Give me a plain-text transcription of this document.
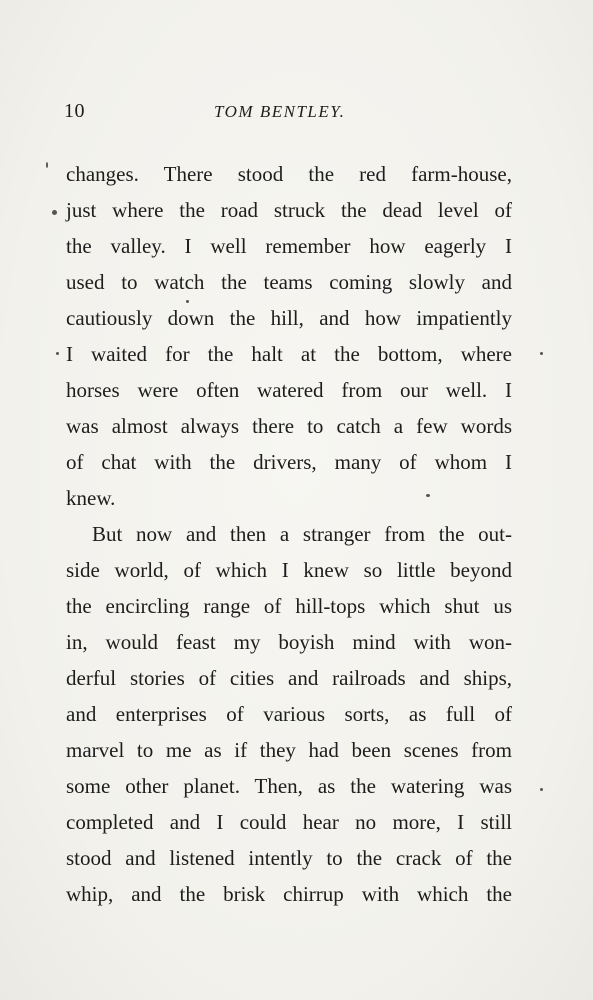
10	TOM BENTLEY.
changes. There stood the red farm-house,
just where the road struck the dead level of
the valley. I well remember how eagerly I
used to watch the teams coming slowly and
cautiously down the hill, and how impatiently
I waited for the halt at the bottom, where
horses were often watered from our well. I
was almost always there to catch a few words
of chat with the drivers, many of whom I
knew.
But now and then a stranger from the out-
side world, of which I knew so little beyond
the encircling range of hill-tops which shut us
in, would feast my boyish mind with won-
derful stories of cities and railroads and ships,
and enterprises of various sorts, as full of
marvel to me as if they had been scenes from
some other planet. Then, as the watering was
completed and I could hear no more, I still
stood and listened intently to the crack of the
whip, and the brisk chirrup with which the
